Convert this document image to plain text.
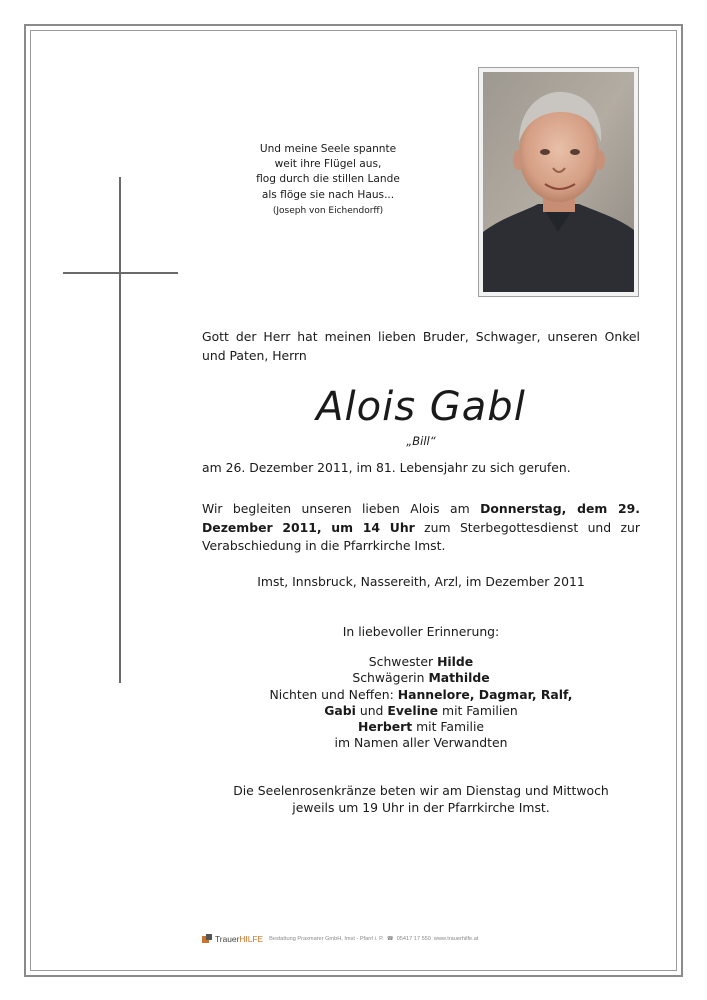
Und meine Seele spannte
weit ihre Flügel aus,
flog durch die stillen Lande
als flöge sie nach Haus...
(Joseph von Eichendorff)
Gott der Herr hat meinen lieben Bruder, Schwager, unseren Onkel und Paten, Herrn
Alois Gabl
„Bill“
am 26. Dezember 2011, im 81. Lebensjahr zu sich gerufen.
Wir begleiten unseren lieben Alois am Donnerstag, dem 29. Dezember 2011, um 14 Uhr zum Sterbegottesdienst und zur Verabschiedung in die Pfarrkirche Imst.
Imst, Innsbruck, Nassereith, Arzl, im Dezember 2011
In liebevoller Erinnerung:
Schwester Hilde
Schwägerin Mathilde
Nichten und Neffen: Hannelore, Dagmar, Ralf,
Gabi und Eveline mit Familien
Herbert mit Familie
im Namen aller Verwandten
Die Seelenrosenkränze beten wir am Dienstag und Mittwoch
jeweils um 19 Uhr in der Pfarrkirche Imst.
TrauerHILFE Bestattung Praxmarer GmbH, Imst - Pfarrl i. P. ☎ 05417 17 550 www.trauerhilfe.at
